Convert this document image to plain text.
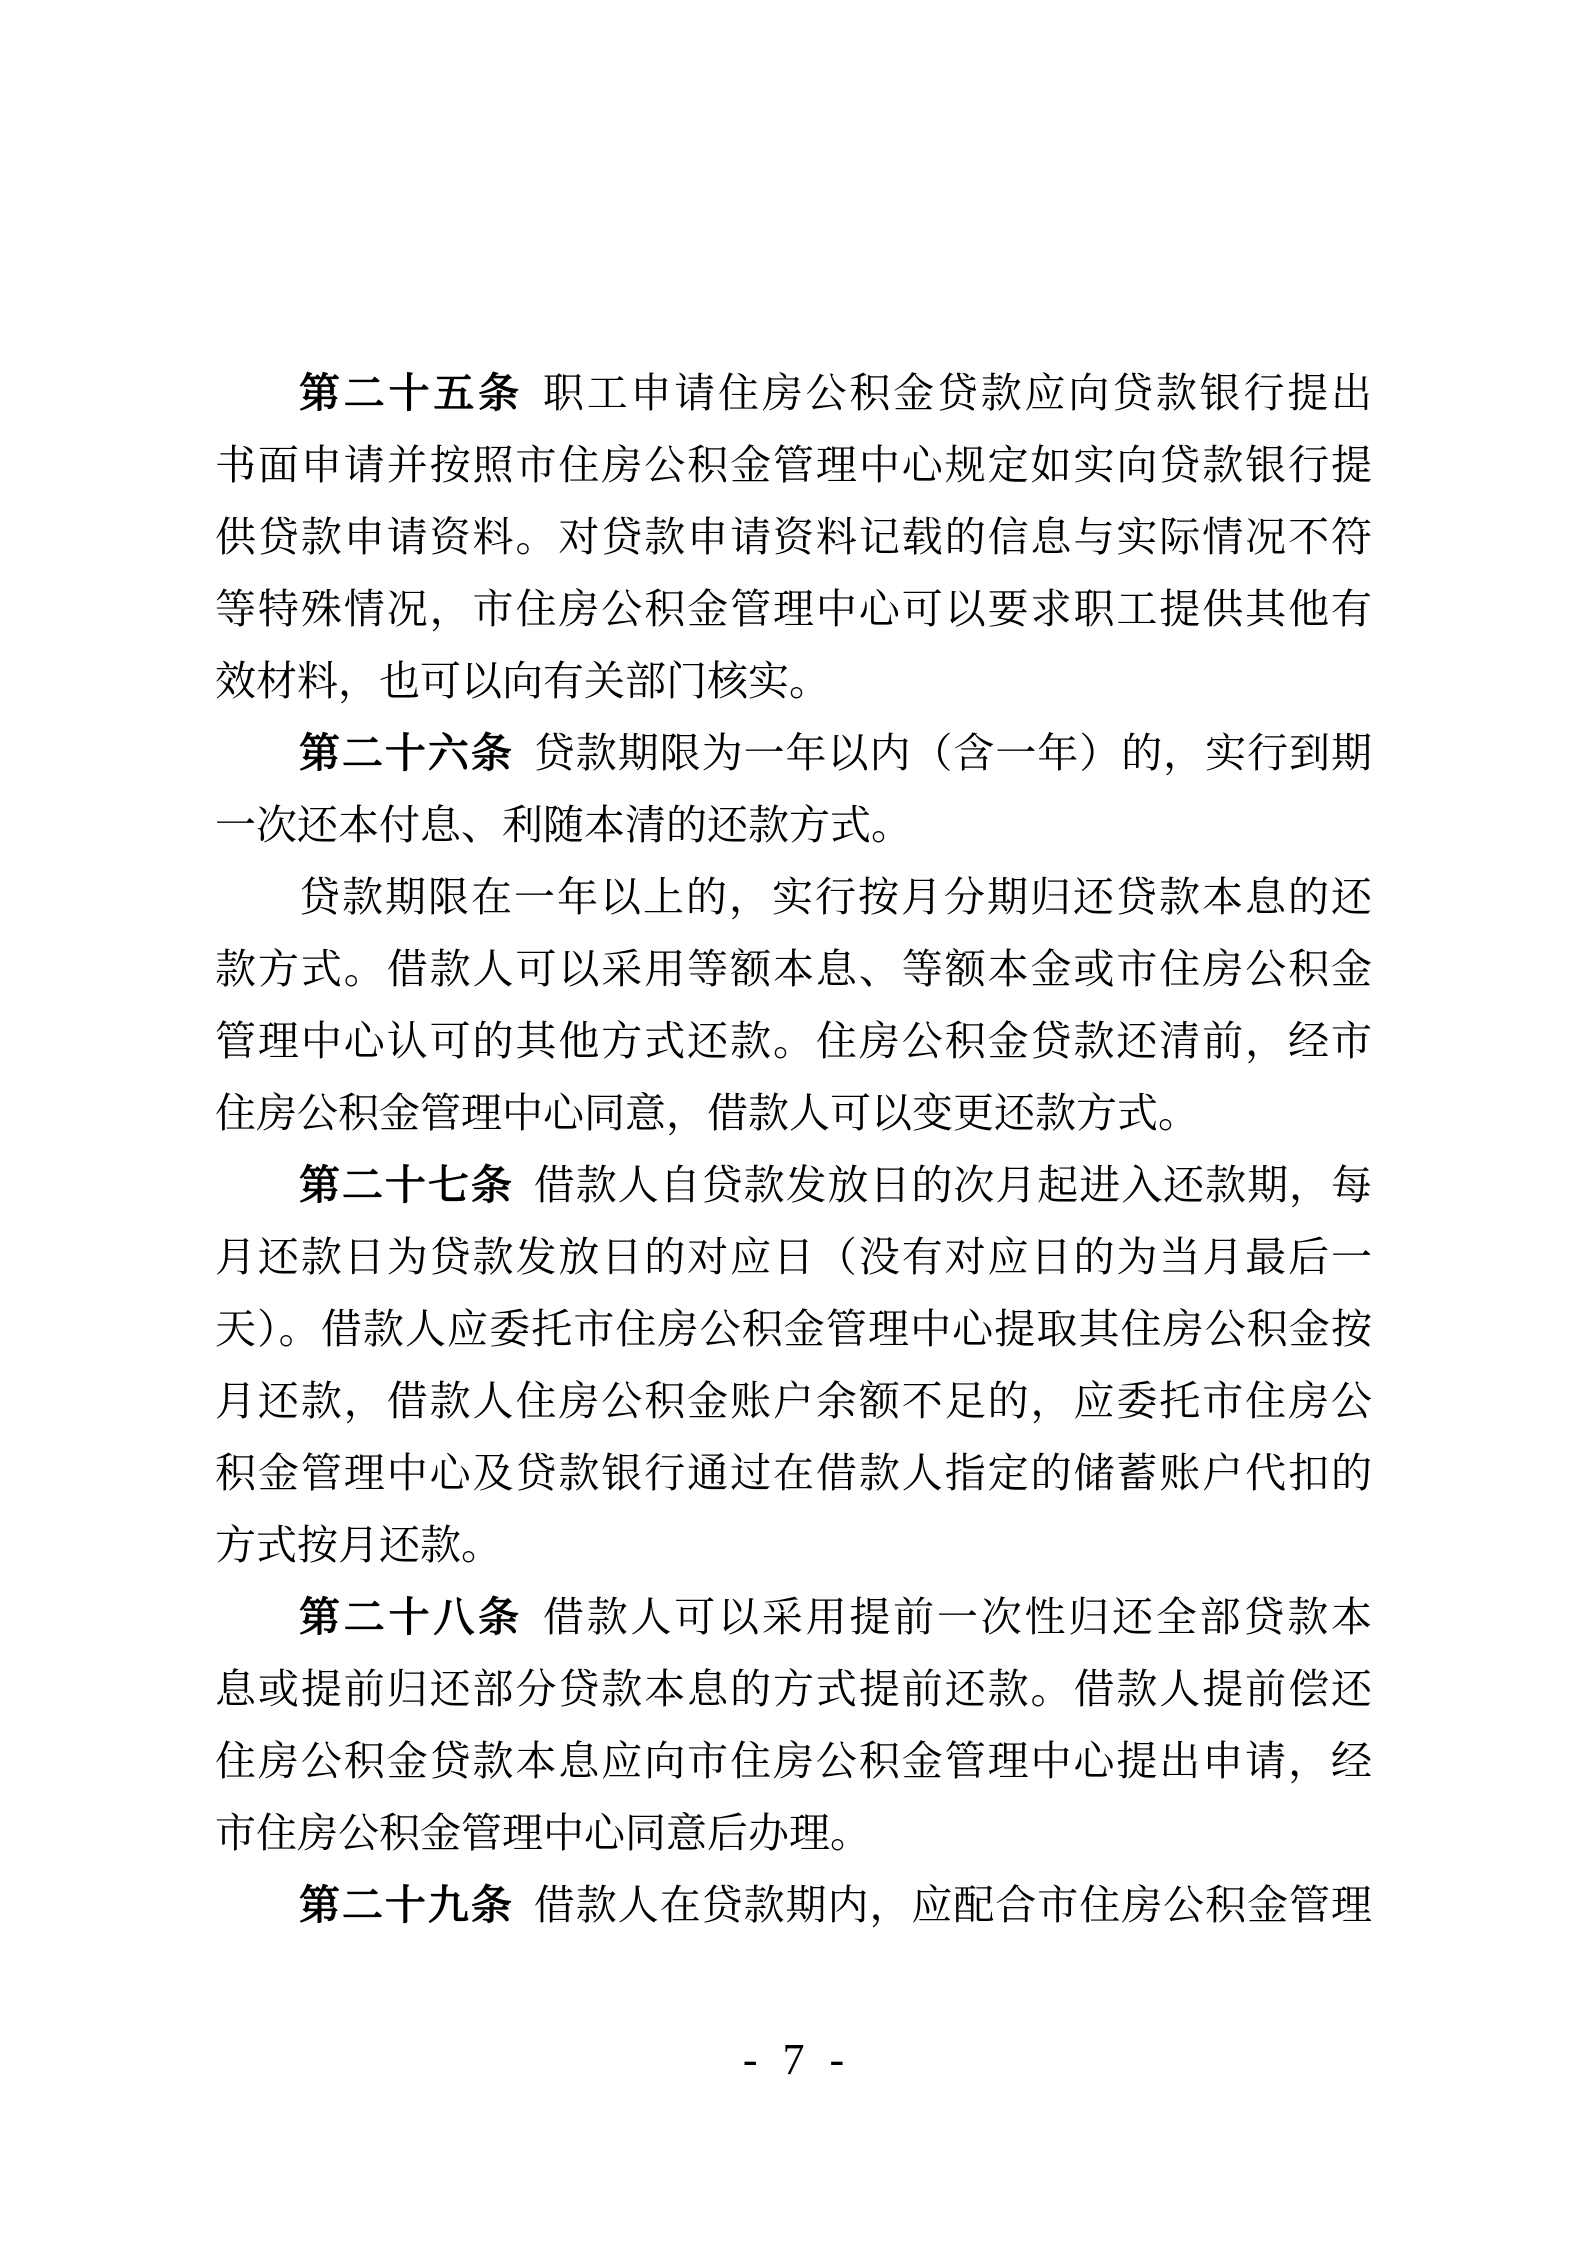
第二十五条 职工申请住房公积金贷款应向贷款银行提出
书面申请并按照市住房公积金管理中心规定如实向贷款银行提
供贷款申请资料。对贷款申请资料记载的信息与实际情况不符
等特殊情况，市住房公积金管理中心可以要求职工提供其他有
效材料，也可以向有关部门核实。
第二十六条 贷款期限为一年以内（含一年）的，实行到期
一次还本付息、利随本清的还款方式。
贷款期限在一年以上的，实行按月分期归还贷款本息的还
款方式。借款人可以采用等额本息、等额本金或市住房公积金
管理中心认可的其他方式还款。住房公积金贷款还清前，经市
住房公积金管理中心同意，借款人可以变更还款方式。
第二十七条 借款人自贷款发放日的次月起进入还款期，每
月还款日为贷款发放日的对应日（没有对应日的为当月最后一
天）。借款人应委托市住房公积金管理中心提取其住房公积金按
月还款，借款人住房公积金账户余额不足的，应委托市住房公
积金管理中心及贷款银行通过在借款人指定的储蓄账户代扣的
方式按月还款。
第二十八条 借款人可以采用提前一次性归还全部贷款本
息或提前归还部分贷款本息的方式提前还款。借款人提前偿还
住房公积金贷款本息应向市住房公积金管理中心提出申请，经
市住房公积金管理中心同意后办理。
第二十九条 借款人在贷款期内，应配合市住房公积金管理
- 7 -
